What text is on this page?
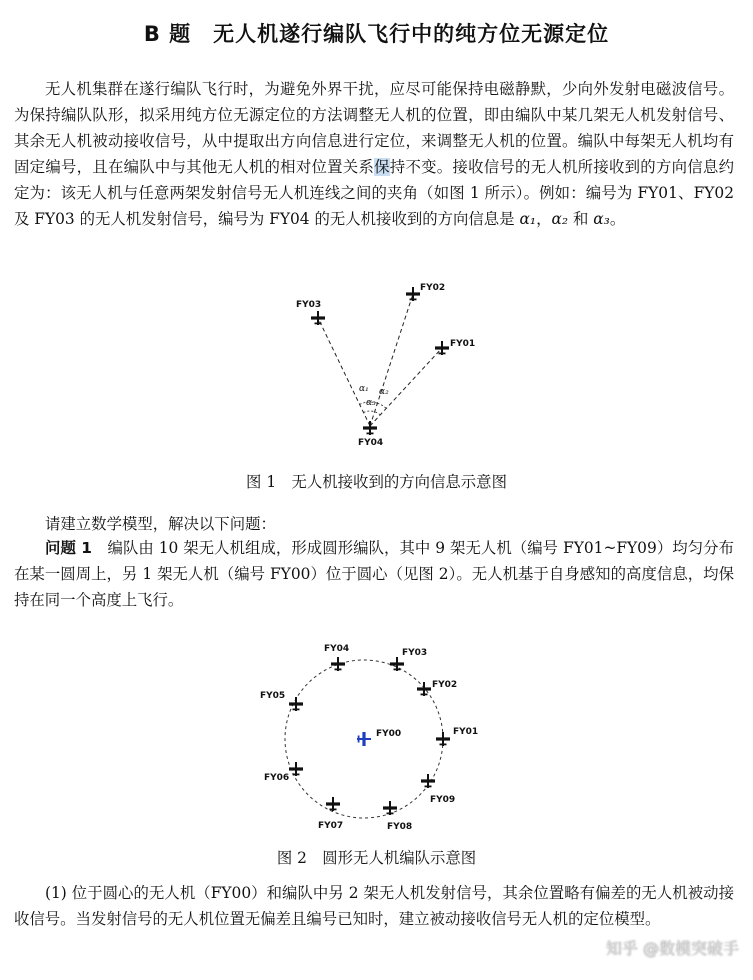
B 题　无人机遂行编队飞行中的纯方位无源定位

无人机集群在遂行编队飞行时，为避免外界干扰，应尽可能保持电磁静默，少向外发射电磁波信号。为保持编队队形，拟采用纯方位无源定位的方法调整无人机的位置，即由编队中某几架无人机发射信号、其余无人机被动接收信号，从中提取出方向信息进行定位，来调整无人机的位置。编队中每架无人机均有固定编号，且在编队中与其他无人机的相对位置关系保持不变。接收信号的无人机所接收到的方向信息约定为：该无人机与任意两架发射信号无人机连线之间的夹角（如图 1 所示）。例如：编号为 FY01、FY02 及 FY03 的无人机发射信号，编号为 FY04 的无人机接收到的方向信息是 α₁，α₂ 和 α₃。

FY03
FY02
FY01
FY04
α₁ α₂
α₃
图 1　无人机接收到的方向信息示意图

请建立数学模型，解决以下问题：

问题 1　 编队由 10 架无人机组成，形成圆形编队，其中 9 架无人机（编号 FY01~FY09）均匀分布在某一圆周上，另 1 架无人机（编号 FY00）位于圆心（见图 2）。无人机基于自身感知的高度信息，均保持在同一个高度上飞行。

FY00	FY01
FY02
FY03
FY04
FY05
FY06
FY07	FY08
FY09
图 2　圆形无人机编队示意图

(1) 位于圆心的无人机（FY00）和编队中另 2 架无人机发射信号，其余位置略有偏差的无人机被动接收信号。当发射信号的无人机位置无偏差且编号已知时，建立被动接收信号无人机的定位模型。

知乎 @数模突破手
